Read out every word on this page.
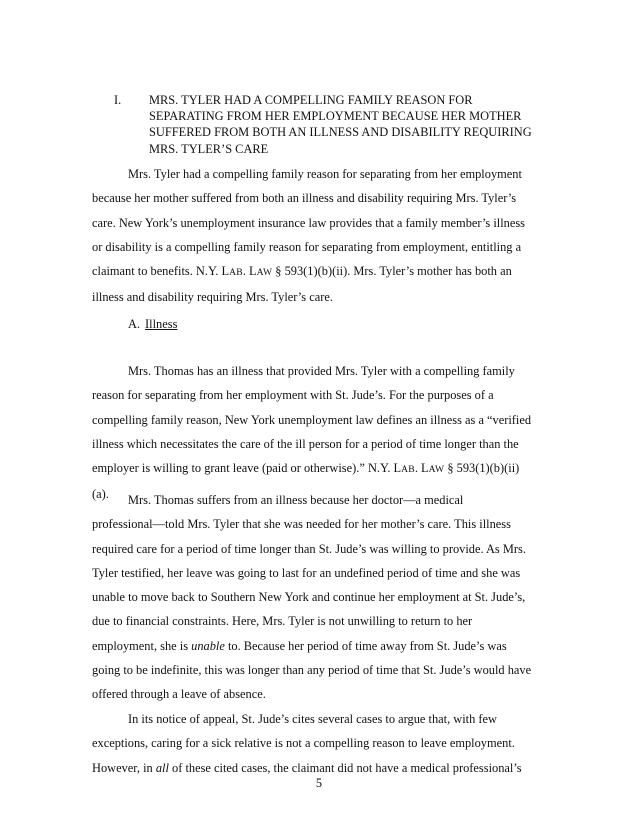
I. MRS. TYLER HAD A COMPELLING FAMILY REASON FOR
SEPARATING FROM HER EMPLOYMENT BECAUSE HER MOTHER
SUFFERED FROM BOTH AN ILLNESS AND DISABILITY REQUIRING
MRS. TYLER’S CARE
Mrs. Tyler had a compelling family reason for separating from her employment
because her mother suffered from both an illness and disability requiring Mrs. Tyler’s
care. New York’s unemployment insurance law provides that a family member’s illness
or disability is a compelling family reason for separating from employment, entitling a
claimant to benefits. N.Y. LAB. LAW § 593(1)(b)(ii). Mrs. Tyler’s mother has both an
illness and disability requiring Mrs. Tyler’s care.
A. Illness
Mrs. Thomas has an illness that provided Mrs. Tyler with a compelling family
reason for separating from her employment with St. Jude’s. For the purposes of a
compelling family reason, New York unemployment law defines an illness as a “verified
illness which necessitates the care of the ill person for a period of time longer than the
employer is willing to grant leave (paid or otherwise).” N.Y. LAB. LAW § 593(1)(b)(ii)
(a).	Mrs. Thomas suffers from an illness because her doctor―a medical
professional―told Mrs. Tyler that she was needed for her mother’s care. This illness
required care for a period of time longer than St. Jude’s was willing to provide. As Mrs.
Tyler testified, her leave was going to last for an undefined period of time and she was
unable to move back to Southern New York and continue her employment at St. Jude’s,
due to financial constraints. Here, Mrs. Tyler is not unwilling to return to her
employment, she is unable to. Because her period of time away from St. Jude’s was
going to be indefinite, this was longer than any period of time that St. Jude’s would have
offered through a leave of absence.
In its notice of appeal, St. Jude’s cites several cases to argue that, with few
exceptions, caring for a sick relative is not a compelling reason to leave employment.
However, in all of these cited cases, the claimant did not have a medical professional’s
5
